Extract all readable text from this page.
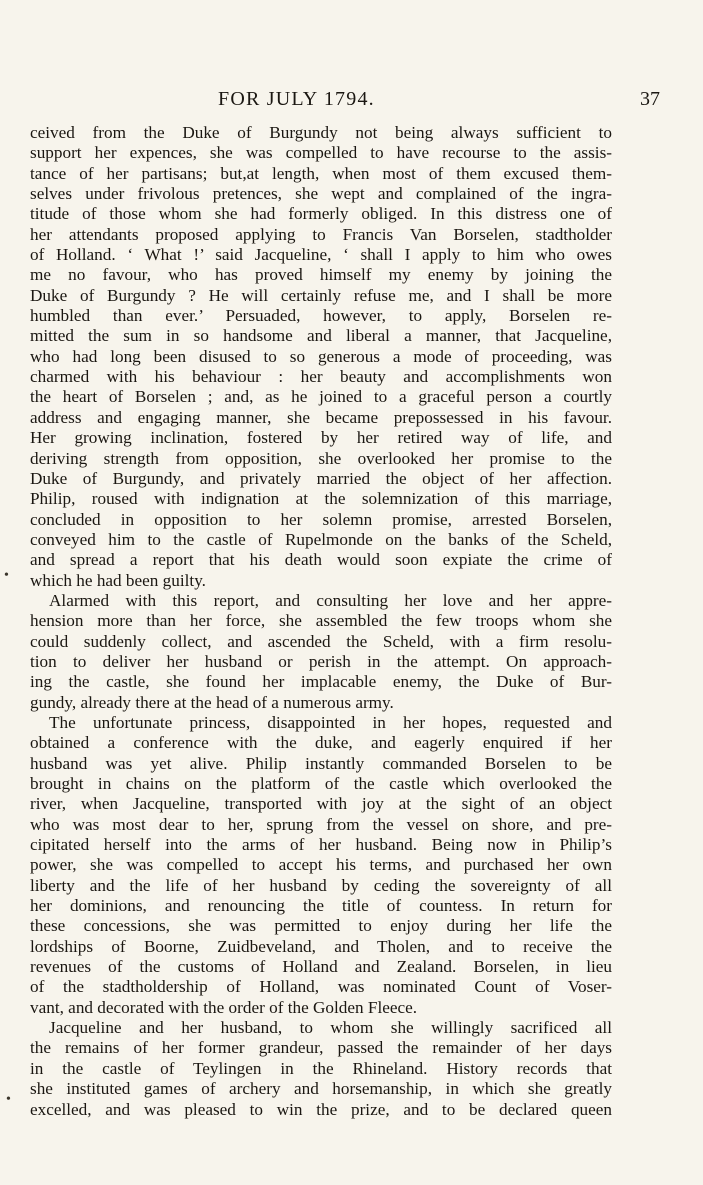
FOR JULY 1794.	37
ceived from the Duke of Burgundy not being always sufficient to
support her expences, she was compelled to have recourse to the assis-
tance of her partisans; but,at length, when most of them excused them-
selves under frivolous pretences, she wept and complained of the ingra-
titude of those whom she had formerly obliged. In this distress one of
her attendants proposed applying to Francis Van Borselen, stadtholder
of Holland. ‘ What !’ said Jacqueline, ‘ shall I apply to him who owes
me no favour, who has proved himself my enemy by joining the
Duke of Burgundy ? He will certainly refuse me, and I shall be more
humbled than ever.’ Persuaded, however, to apply, Borselen re-
mitted the sum in so handsome and liberal a manner, that Jacqueline,
who had long been disused to so generous a mode of proceeding, was
charmed with his behaviour : her beauty and accomplishments won
the heart of Borselen ; and, as he joined to a graceful person a courtly
address and engaging manner, she became prepossessed in his favour.
Her growing inclination, fostered by her retired way of life, and
deriving strength from opposition, she overlooked her promise to the
Duke of Burgundy, and privately married the object of her affection.
Philip, roused with indignation at the solemnization of this marriage,
concluded in opposition to her solemn promise, arrested Borselen,
conveyed him to the castle of Rupelmonde on the banks of the Scheld,
and spread a report that his death would soon expiate the crime of
which he had been guilty.
Alarmed with this report, and consulting her love and her appre-
hension more than her force, she assembled the few troops whom she
could suddenly collect, and ascended the Scheld, with a firm resolu-
tion to deliver her husband or perish in the attempt. On approach-
ing the castle, she found her implacable enemy, the Duke of Bur-
gundy, already there at the head of a numerous army.
The unfortunate princess, disappointed in her hopes, requested and
obtained a conference with the duke, and eagerly enquired if her
husband was yet alive. Philip instantly commanded Borselen to be
brought in chains on the platform of the castle which overlooked the
river, when Jacqueline, transported with joy at the sight of an object
who was most dear to her, sprung from the vessel on shore, and pre-
cipitated herself into the arms of her husband. Being now in Philip’s
power, she was compelled to accept his terms, and purchased her own
liberty and the life of her husband by ceding the sovereignty of all
her dominions, and renouncing the title of countess. In return for
these concessions, she was permitted to enjoy during her life the
lordships of Boorne, Zuidbeveland, and Tholen, and to receive the
revenues of the customs of Holland and Zealand. Borselen, in lieu
of the stadtholdership of Holland, was nominated Count of Voser-
vant, and decorated with the order of the Golden Fleece.
Jacqueline and her husband, to whom she willingly sacrificed all
the remains of her former grandeur, passed the remainder of her days
in the castle of Teylingen in the Rhineland. History records that
she instituted games of archery and horsemanship, in which she greatly
excelled, and was pleased to win the prize, and to be declared queen
•
•
